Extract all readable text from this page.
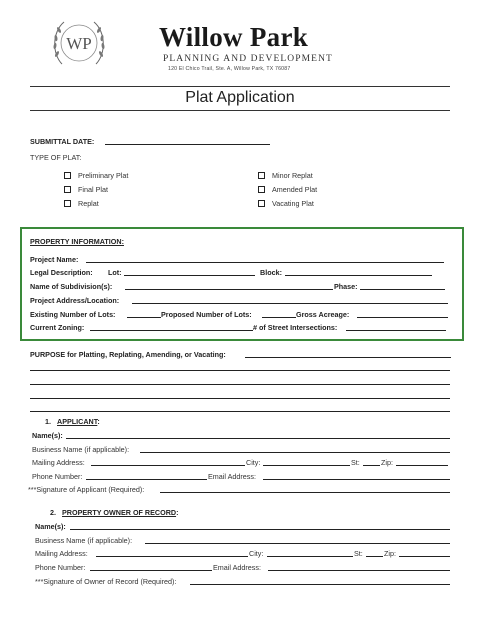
WP Willow Park
PLANNING AND DEVELOPMENT
120 El Chico Trail, Ste. A, Willow Park, TX 76087
Plat Application
SUBMITTAL DATE:
TYPE OF PLAT:
Preliminary Plat
Final Plat
Replat
Minor Replat
Amended Plat
Vacating Plat
PROPERTY INFORMATION:
Project Name:
Legal Description: Lot:	Block:
Name of Subdivision(s):	Phase:
Project Address/Location:
Existing Number of Lots:	Proposed Number of Lots:	Gross Acreage:
Current Zoning:	# of Street Intersections:
PURPOSE for Platting, Replating, Amending, or Vacating:
1. APPLICANT:
Name(s):
Business Name (if applicable):
Mailing Address:	City:	St:	Zip:
Phone Number:	Email Address:
***Signature of Applicant (Required):
2. PROPERTY OWNER OF RECORD:
Name(s):
Business Name (if applicable):
Mailing Address:	City:	St:	Zip:
Phone Number:	Email Address:
***Signature of Owner of Record (Required):
